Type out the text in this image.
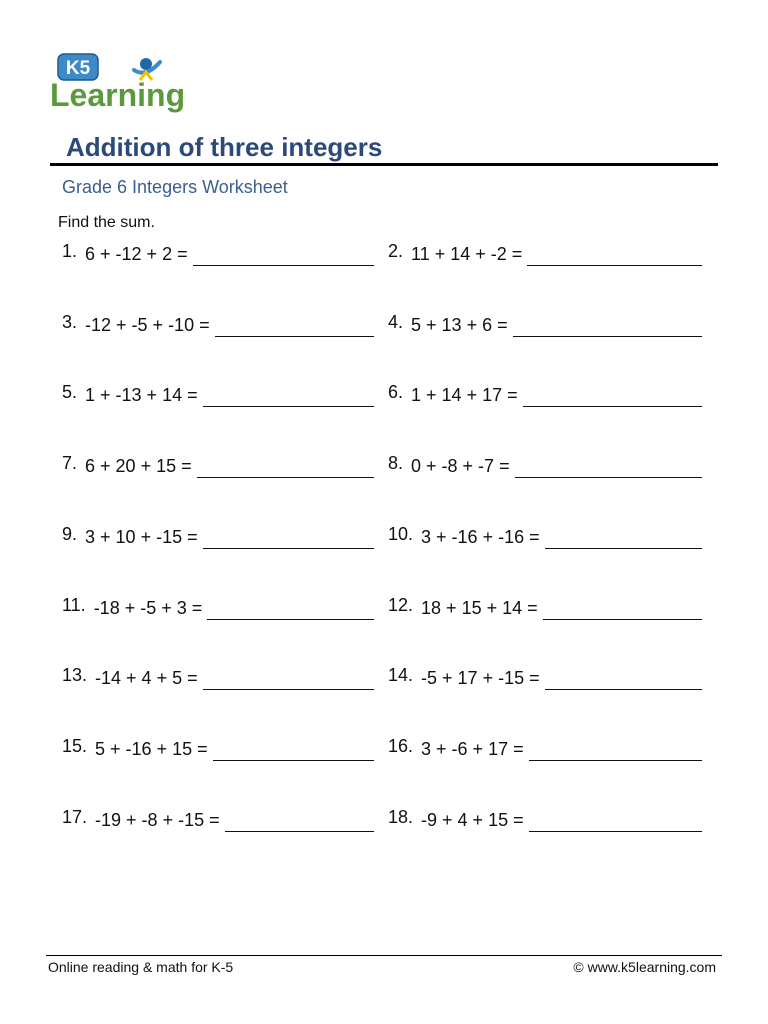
K5
Learning
Addition of three integers
Grade 6 Integers Worksheet
Find the sum.
1. 6 + -12 + 2 =	2. 11 + 14 + -2 =
3. -12 + -5 + -10 =	4. 5 + 13 + 6 =
5. 1 + -13 + 14 =	6. 1 + 14 + 17 =
7. 6 + 20 + 15 =	8. 0 + -8 + -7 =
9. 3 + 10 + -15 =	10. 3 + -16 + -16 =
11. -18 + -5 + 3 =	12. 18 + 15 + 14 =
13. -14 + 4 + 5 =	14. -5 + 17 + -15 =
15. 5 + -16 + 15 =	16. 3 + -6 + 17 =
17. -19 + -8 + -15 =	18. -9 + 4 + 15 =
Online reading & math for K-5	© www.k5learning.com
